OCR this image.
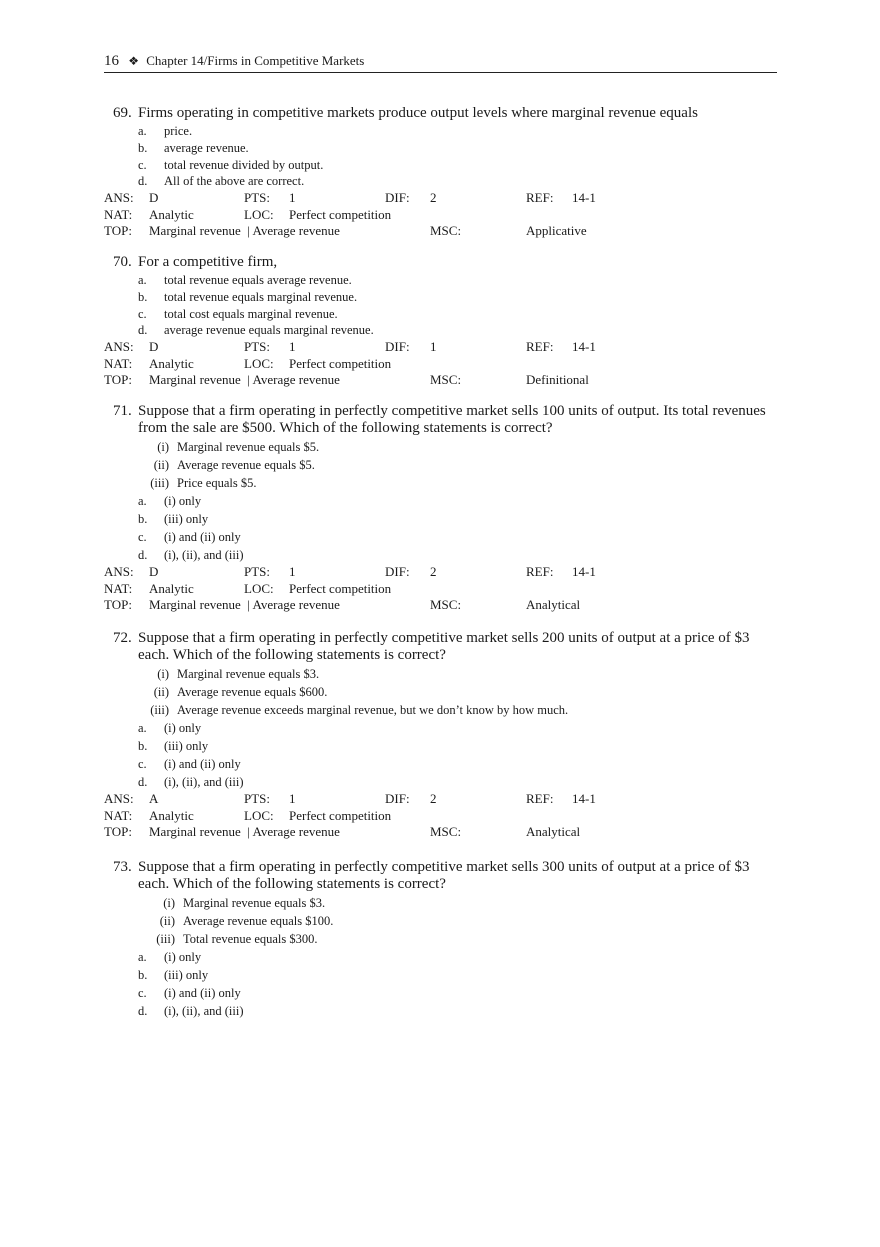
16 ❖ Chapter 14/Firms in Competitive Markets
69. Firms operating in competitive markets produce output levels where marginal revenue equals
a. price.
b. average revenue.
c. total revenue divided by output.
d. All of the above are correct.
ANS: D	PTS: 1	DIF: 2	REF: 14-1
NAT: Analytic	LOC: Perfect competition
TOP: Marginal revenue  | Average revenue	MSC:	Applicative
70. For a competitive firm,
a. total revenue equals average revenue.
b. total revenue equals marginal revenue.
c. total cost equals marginal revenue.
d. average revenue equals marginal revenue.
ANS: D	PTS: 1	DIF: 1	REF: 14-1
NAT: Analytic	LOC: Perfect competition
TOP: Marginal revenue  | Average revenue	MSC:	Definitional
71. Suppose that a firm operating in perfectly competitive market sells 100 units of output. Its total revenues from the sale are $500. Which of the following statements is correct?
(i) Marginal revenue equals $5.
(ii) Average revenue equals $5.
(iii) Price equals $5.
a. (i) only
b. (iii) only
c. (i) and (ii) only
d. (i), (ii), and (iii)
ANS: D	PTS: 1	DIF: 2	REF: 14-1
NAT: Analytic	LOC: Perfect competition
TOP: Marginal revenue  | Average revenue	MSC:	Analytical
72. Suppose that a firm operating in perfectly competitive market sells 200 units of output at a price of $3 each. Which of the following statements is correct?
(i) Marginal revenue equals $3.
(ii) Average revenue equals $600.
(iii) Average revenue exceeds marginal revenue, but we don’t know by how much.
a. (i) only
b. (iii) only
c. (i) and (ii) only
d. (i), (ii), and (iii)
ANS: A	PTS: 1	DIF: 2	REF: 14-1
NAT: Analytic	LOC: Perfect competition
TOP: Marginal revenue  | Average revenue	MSC:	Analytical
73. Suppose that a firm operating in perfectly competitive market sells 300 units of output at a price of $3 each. Which of the following statements is correct?
(i) Marginal revenue equals $3.
(ii) Average revenue equals $100.
(iii) Total revenue equals $300.
a. (i) only
b. (iii) only
c. (i) and (ii) only
d. (i), (ii), and (iii)
